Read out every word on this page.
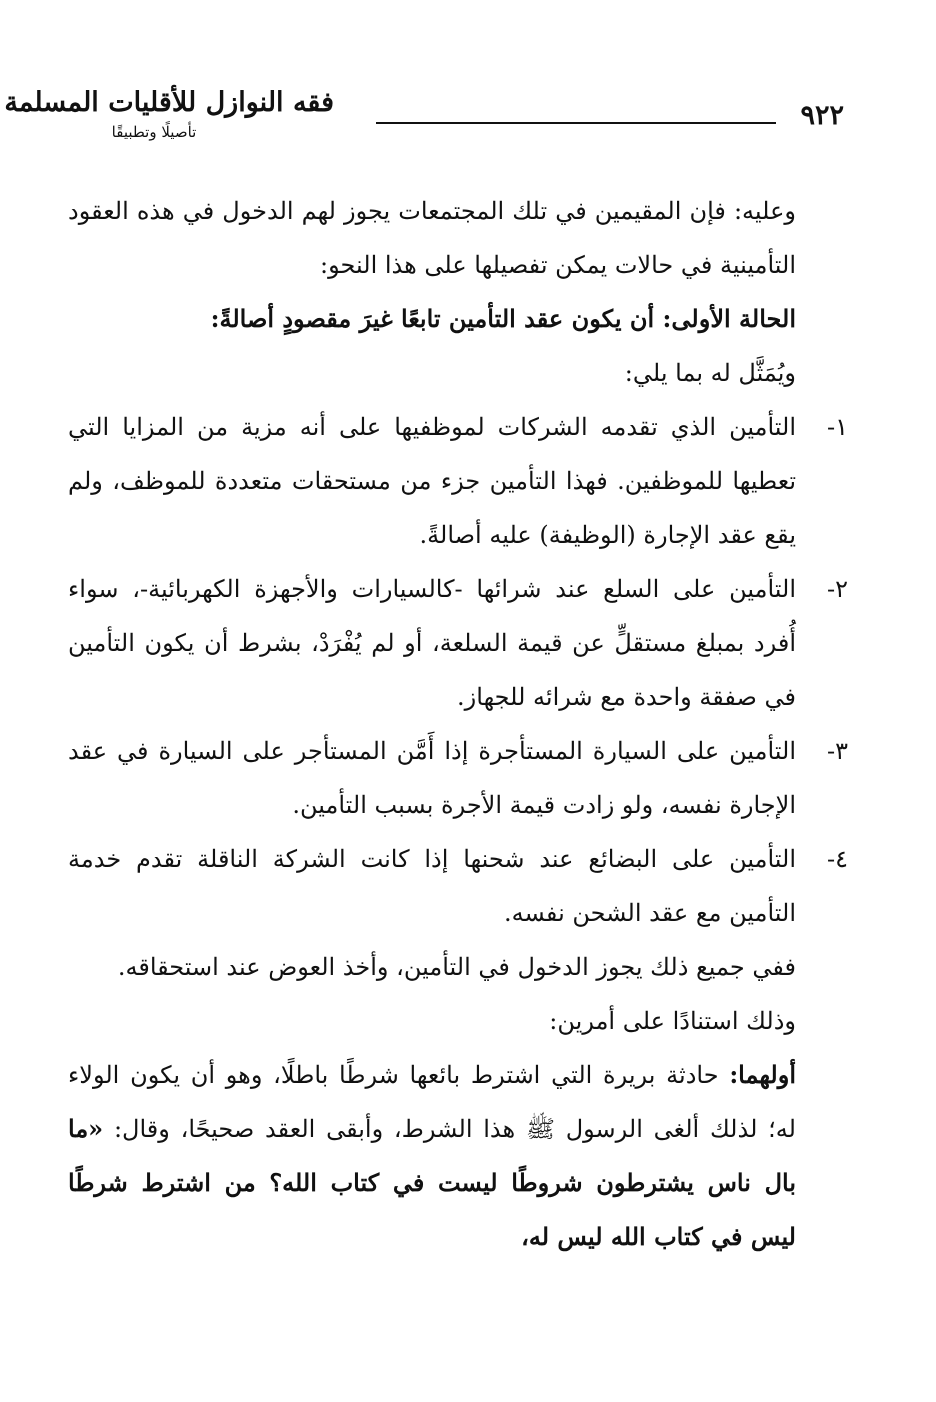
فقه النوازل للأقليات المسلمة
تأصيلًا وتطبيقًا
٩٢٢

وعليه: فإن المقيمين في تلك المجتمعات يجوز لهم الدخول في هذه العقود التأمينية في حالات يمكن تفصيلها على هذا النحو:

الحالة الأولى: أن يكون عقد التأمين تابعًا غيرَ مقصودٍ أصالةً:

ويُمَثَّل له بما يلي:

١-
التأمين الذي تقدمه الشركات لموظفيها على أنه مزية من المزايا التي تعطيها للموظفين. فهذا التأمين جزء من مستحقات متعددة للموظف، ولم يقع عقد الإجارة (الوظيفة) عليه أصالةً.
٢-
التأمين على السلع عند شرائها -كالسيارات والأجهزة الكهربائية-، سواء أُفرد بمبلغ مستقلٍّ عن قيمة السلعة، أو لم يُفْرَدْ، بشرط أن يكون التأمين في صفقة واحدة مع شرائه للجهاز.
٣-
التأمين على السيارة المستأجرة إذا أَمَّن المستأجر على السيارة في عقد الإجارة نفسه، ولو زادت قيمة الأجرة بسبب التأمين.
٤-
التأمين على البضائع عند شحنها إذا كانت الشركة الناقلة تقدم خدمة التأمين مع عقد الشحن نفسه.

ففي جميع ذلك يجوز الدخول في التأمين، وأخذ العوض عند استحقاقه.

وذلك استنادًا على أمرين:

أولهما: حادثة بريرة التي اشترط بائعها شرطًا باطلًا، وهو أن يكون الولاء له؛ لذلك ألغى الرسول ﷺ هذا الشرط، وأبقى العقد صحيحًا، وقال: «ما بال ناس يشترطون شروطًا ليست في كتاب الله؟ من اشترط شرطًا ليس في كتاب الله ليس له،
